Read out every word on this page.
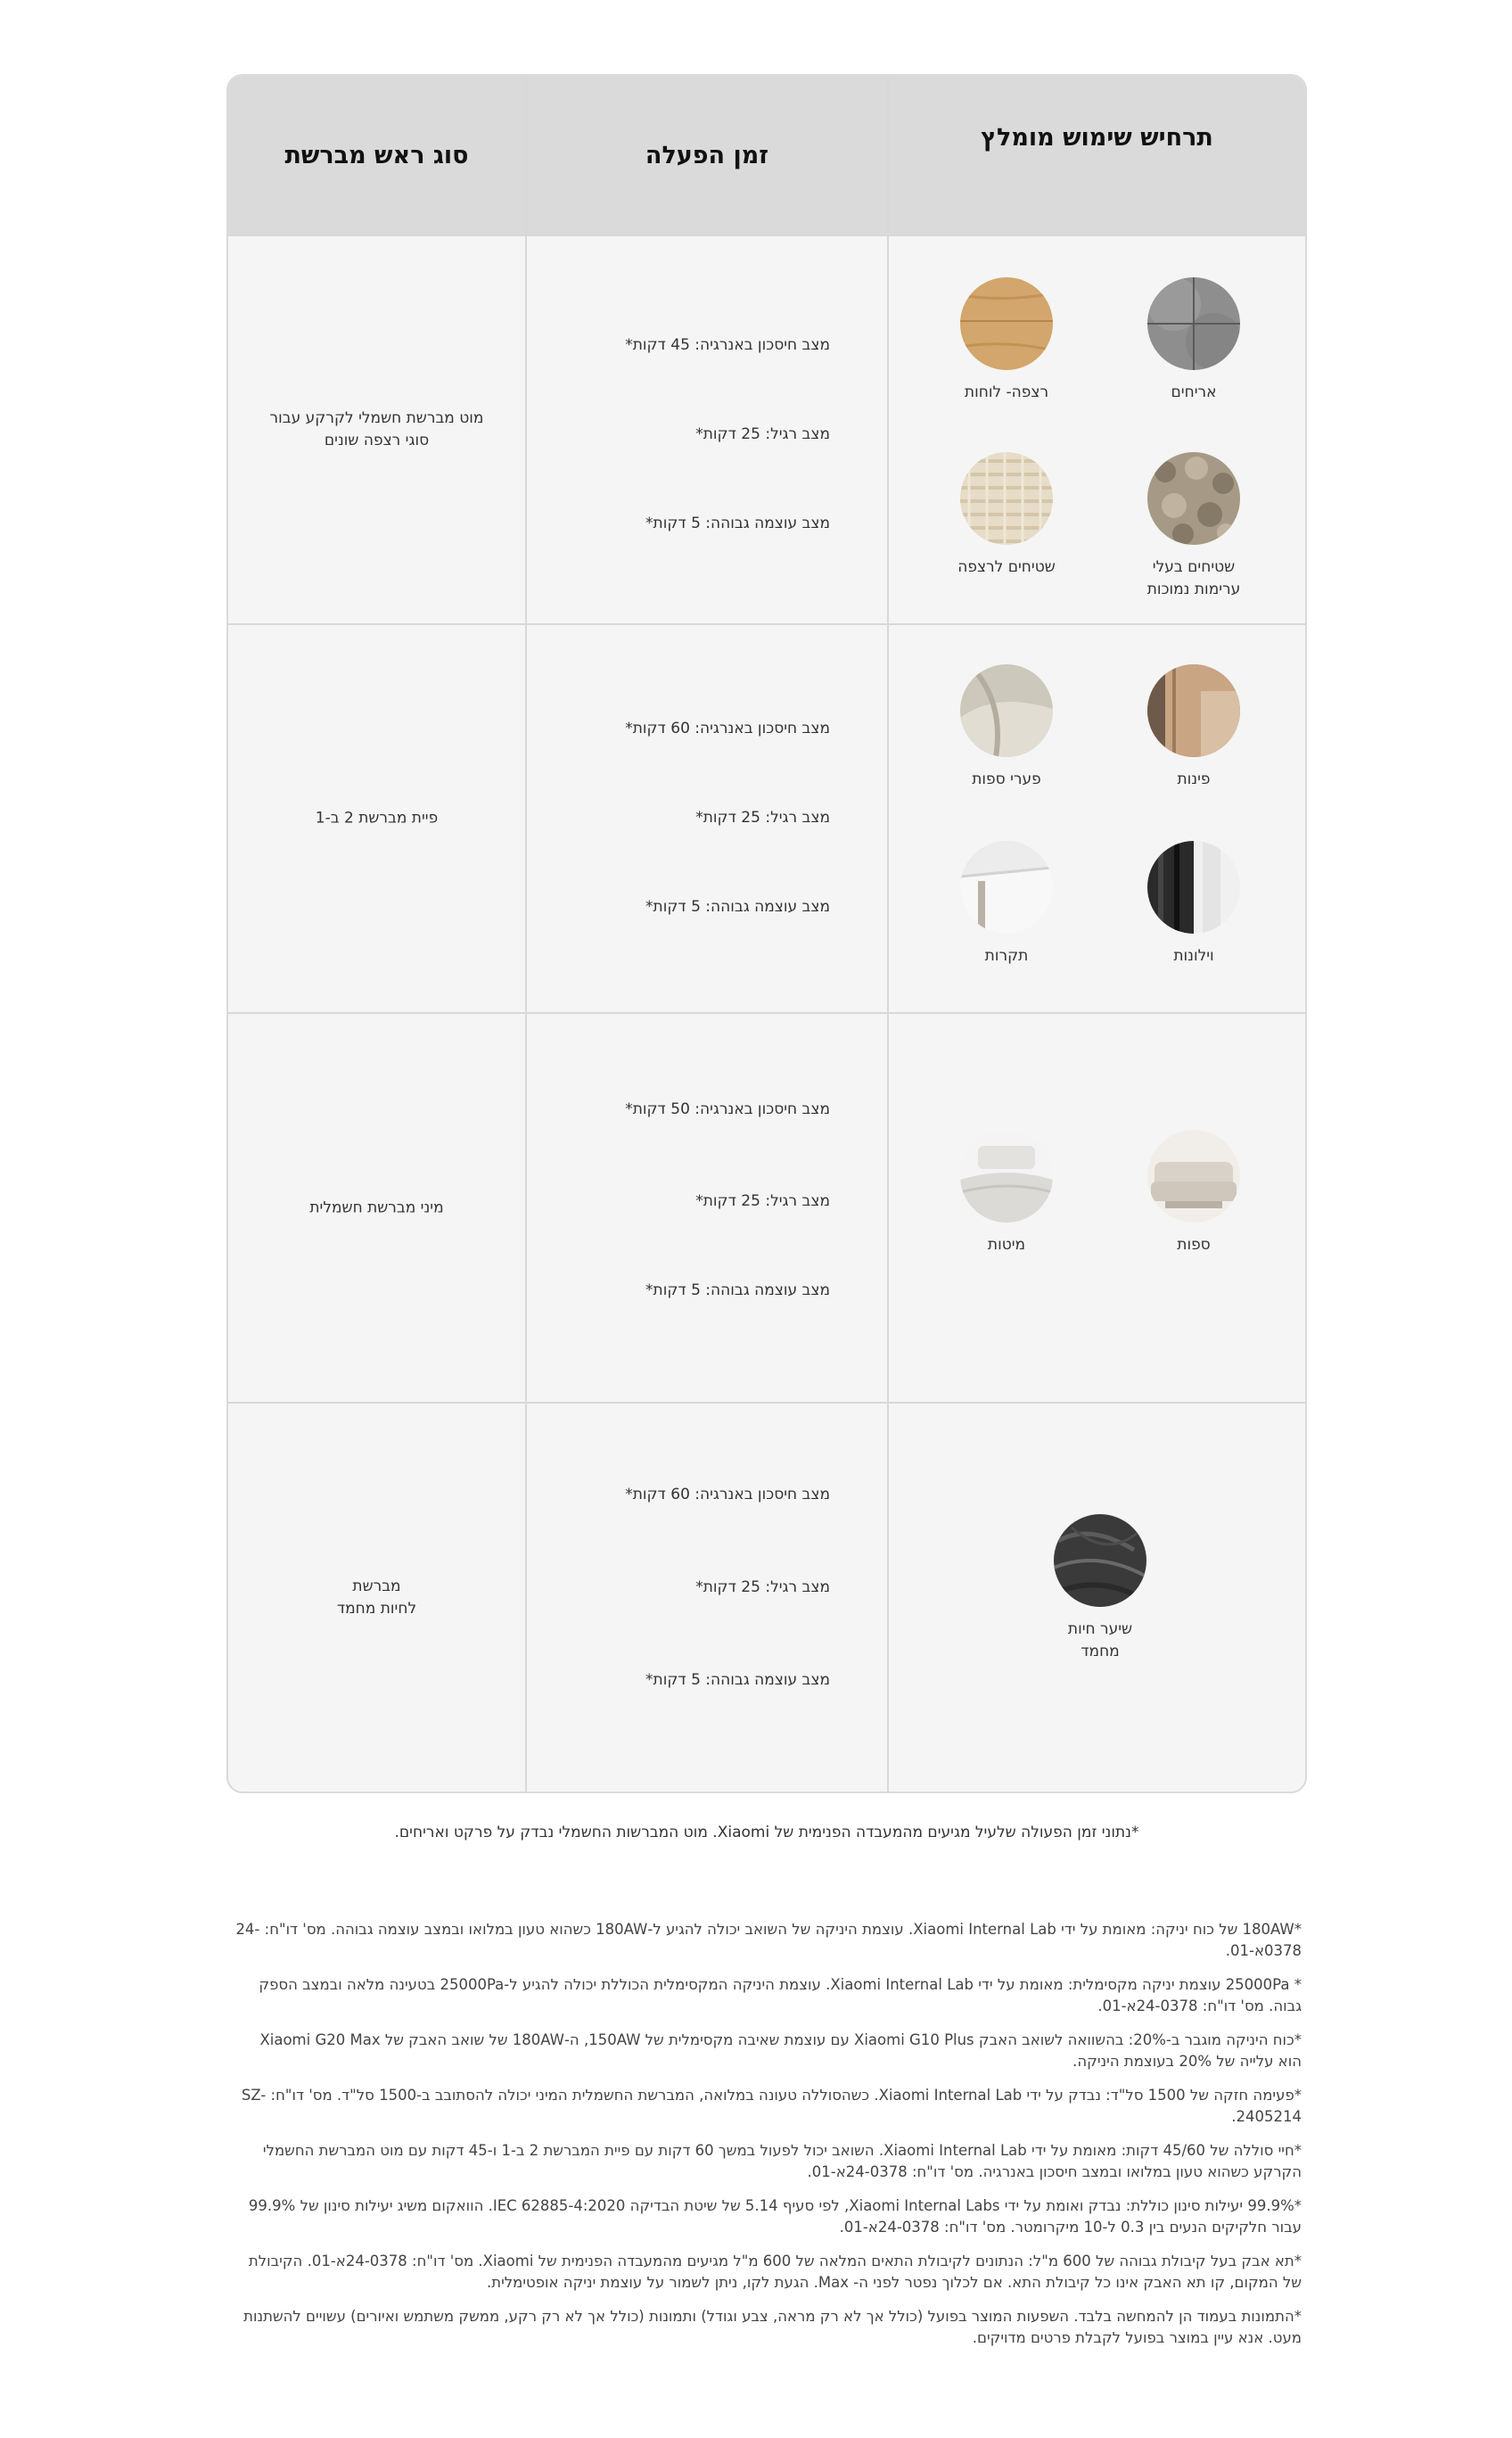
תרחיש שימוש מומלץ
זמן הפעלה
סוג ראש מברשת
אריחים
רצפה- לוחות
שטיחים בעלי
ערימות נמוכות
שטיחים לרצפה
מצב חיסכון באנרגיה: 45 דקות*
מצב רגיל: 25 דקות*
מצב עוצמה גבוהה: 5 דקות*
מוט מברשת חשמלי לקרקע עבור
סוגי רצפה שונים
פינות
פערי ספות
וילונות
תקרות
מצב חיסכון באנרגיה: 60 דקות*
מצב רגיל: 25 דקות*
מצב עוצמה גבוהה: 5 דקות*
פיית מברשת 2 ב-1
ספות
מיטות
מצב חיסכון באנרגיה: 50 דקות*
מצב רגיל: 25 דקות*
מצב עוצמה גבוהה: 5 דקות*
מיני מברשת חשמלית
שיער חיות
מחמד
מצב חיסכון באנרגיה: 60 דקות*
מצב רגיל: 25 דקות*
מצב עוצמה גבוהה: 5 דקות*
מברשת
לחיות מחמד
*נתוני זמן הפעולה שלעיל מגיעים מהמעבדה הפנימית של Xiaomi. מוט המברשות החשמלי נבדק על פרקט ואריחים.

*180AW של כוח יניקה: מאומת על ידי Xiaomi Internal Lab. עוצמת היניקה של השואב יכולה להגיע ל-180AW כשהוא טעון במלואו ובמצב עוצמה גבוהה. מס' דו"ח: 24-0378א-01.

* 25000Pa עוצמת יניקה מקסימלית: מאומת על ידי Xiaomi Internal Lab. עוצמת היניקה המקסימלית הכוללת יכולה להגיע ל-25000Pa בטעינה מלאה ובמצב הספק גבוה. מס' דו"ח: 24-0378א-01.

*כוח היניקה מוגבר ב-20%: בהשוואה לשואב האבק Xiaomi G10 Plus עם עוצמת שאיבה מקסימלית של 150AW, ה-180AW של שואב האבק של Xiaomi G20 Max הוא עלייה של 20% בעוצמת היניקה.

*פעימה חזקה של 1500 סל"ד: נבדק על ידי Xiaomi Internal Lab. כשהסוללה טעונה במלואה, המברשת החשמלית המיני יכולה להסתובב ב-1500 סל"ד. מס' דו"ח: SZ-2405214.

*חיי סוללה של 45/60 דקות: מאומת על ידי Xiaomi Internal Lab. השואב יכול לפעול במשך 60 דקות עם פיית המברשת 2 ב-1 ו-45 דקות עם מוט המברשת החשמלי הקרקע כשהוא טעון במלואו ובמצב חיסכון באנרגיה. מס' דו"ח: 24-0378א-01.

*99.9% יעילות סינון כוללת: נבדק ואומת על ידי Xiaomi Internal Labs, לפי סעיף 5.14 של שיטת הבדיקה IEC 62885-4:2020. הוואקום משיג יעילות סינון של 99.9% עבור חלקיקים הנעים בין 0.3 ל-10 מיקרומטר. מס' דו"ח: 24-0378א-01.

*תא אבק בעל קיבולת גבוהה של 600 מ"ל: הנתונים לקיבולת התאים המלאה של 600 מ"ל מגיעים מהמעבדה הפנימית של Xiaomi. מס' דו"ח: 24-0378א-01. הקיבולת של המקום, קו תא האבק אינו כל קיבולת התא. אם לכלוך נפטר לפני ה- Max. הגעת לקו, ניתן לשמור על עוצמת יניקה אופטימלית.

*התמונות בעמוד הן להמחשה בלבד. השפעות המוצר בפועל (כולל אך לא רק מראה, צבע וגודל) ותמונות (כולל אך לא רק רקע, ממשק משתמש ואיורים) עשויים להשתנות מעט. אנא עיין במוצר בפועל לקבלת פרטים מדויקים.
